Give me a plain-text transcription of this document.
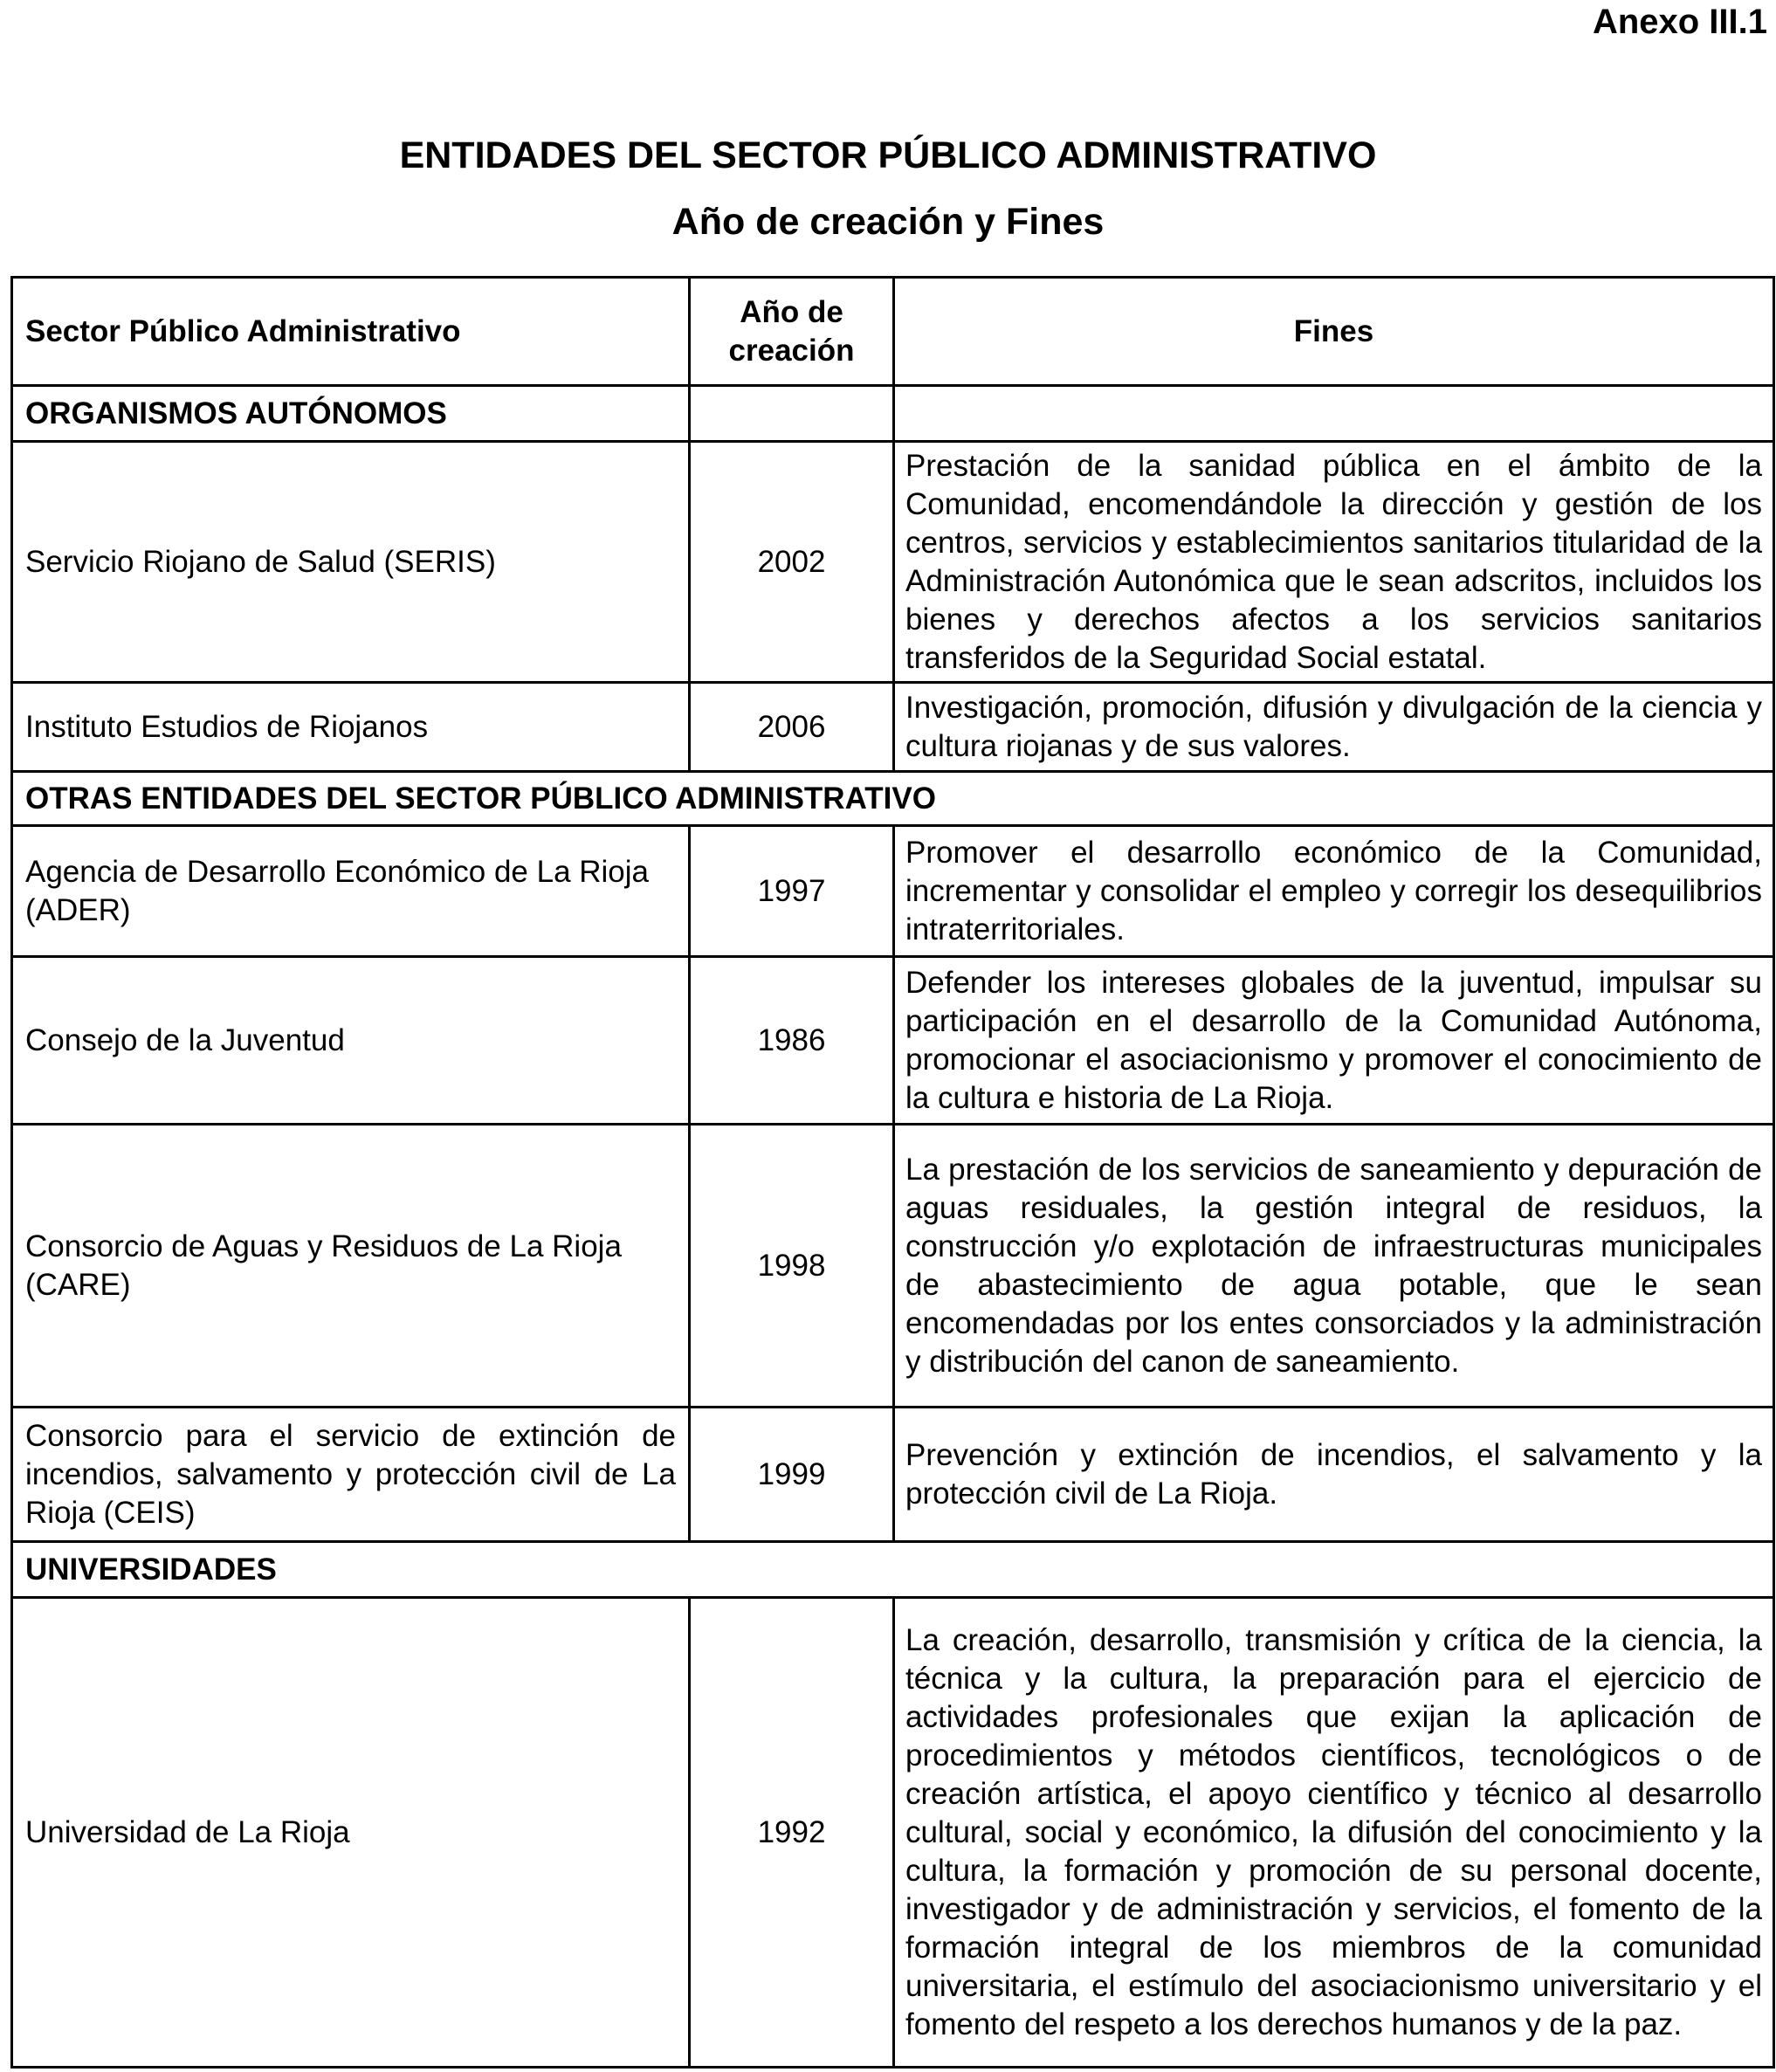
Anexo III.1
ENTIDADES DEL SECTOR PÚBLICO ADMINISTRATIVO
Año de creación y Fines
Sector Público Administrativo	Año de creación	Fines
ORGANISMOS AUTÓNOMOS		
Servicio Riojano de Salud (SERIS)	2002	Prestación de la sanidad pública en el ámbito de la Comunidad, encomendándole la dirección y gestión de los centros, servicios y establecimientos sanitarios titularidad de la Administración Autonómica que le sean adscritos, incluidos los bienes y derechos afectos a los servicios sanitarios transferidos de la Seguridad Social estatal.
Instituto Estudios de Riojanos	2006	Investigación, promoción, difusión y divulgación de la ciencia y cultura riojanas y de sus valores.
OTRAS ENTIDADES DEL SECTOR PÚBLICO ADMINISTRATIVO		
Agencia de Desarrollo Económico de La Rioja (ADER)	1997	Promover el desarrollo económico de la Comunidad, incrementar y consolidar el empleo y corregir los desequilibrios intraterritoriales.
Consejo de la Juventud	1986	Defender los intereses globales de la juventud, impulsar su participación en el desarrollo de la Comunidad Autónoma, promocionar el asociacionismo y promover el conocimiento de la cultura e historia de La Rioja.
Consorcio de Aguas y Residuos de La Rioja (CARE)	1998	La prestación de los servicios de saneamiento y depuración de aguas residuales, la gestión integral de residuos, la construcción y/o explotación de infraestructuras municipales de abastecimiento de agua potable, que le sean encomendadas por los entes consorciados y la administración y distribución del canon de saneamiento.
Consorcio para el servicio de extinción de incendios, salvamento y protección civil de La Rioja (CEIS)	1999	Prevención y extinción de incendios, el salvamento y la protección civil de La Rioja.
UNIVERSIDADES		
Universidad de La Rioja	1992	La creación, desarrollo, transmisión y crítica de la ciencia, la técnica y la cultura, la preparación para el ejercicio de actividades profesionales que exijan la aplicación de procedimientos y métodos científicos, tecnológicos o de creación artística, el apoyo científico y técnico al desarrollo cultural, social y económico, la difusión del conocimiento y la cultura, la formación y promoción de su personal docente, investigador y de administración y servicios, el fomento de la formación integral de los miembros de la comunidad universitaria, el estímulo del asociacionismo universitario y el fomento del respeto a los derechos humanos y de la paz.
